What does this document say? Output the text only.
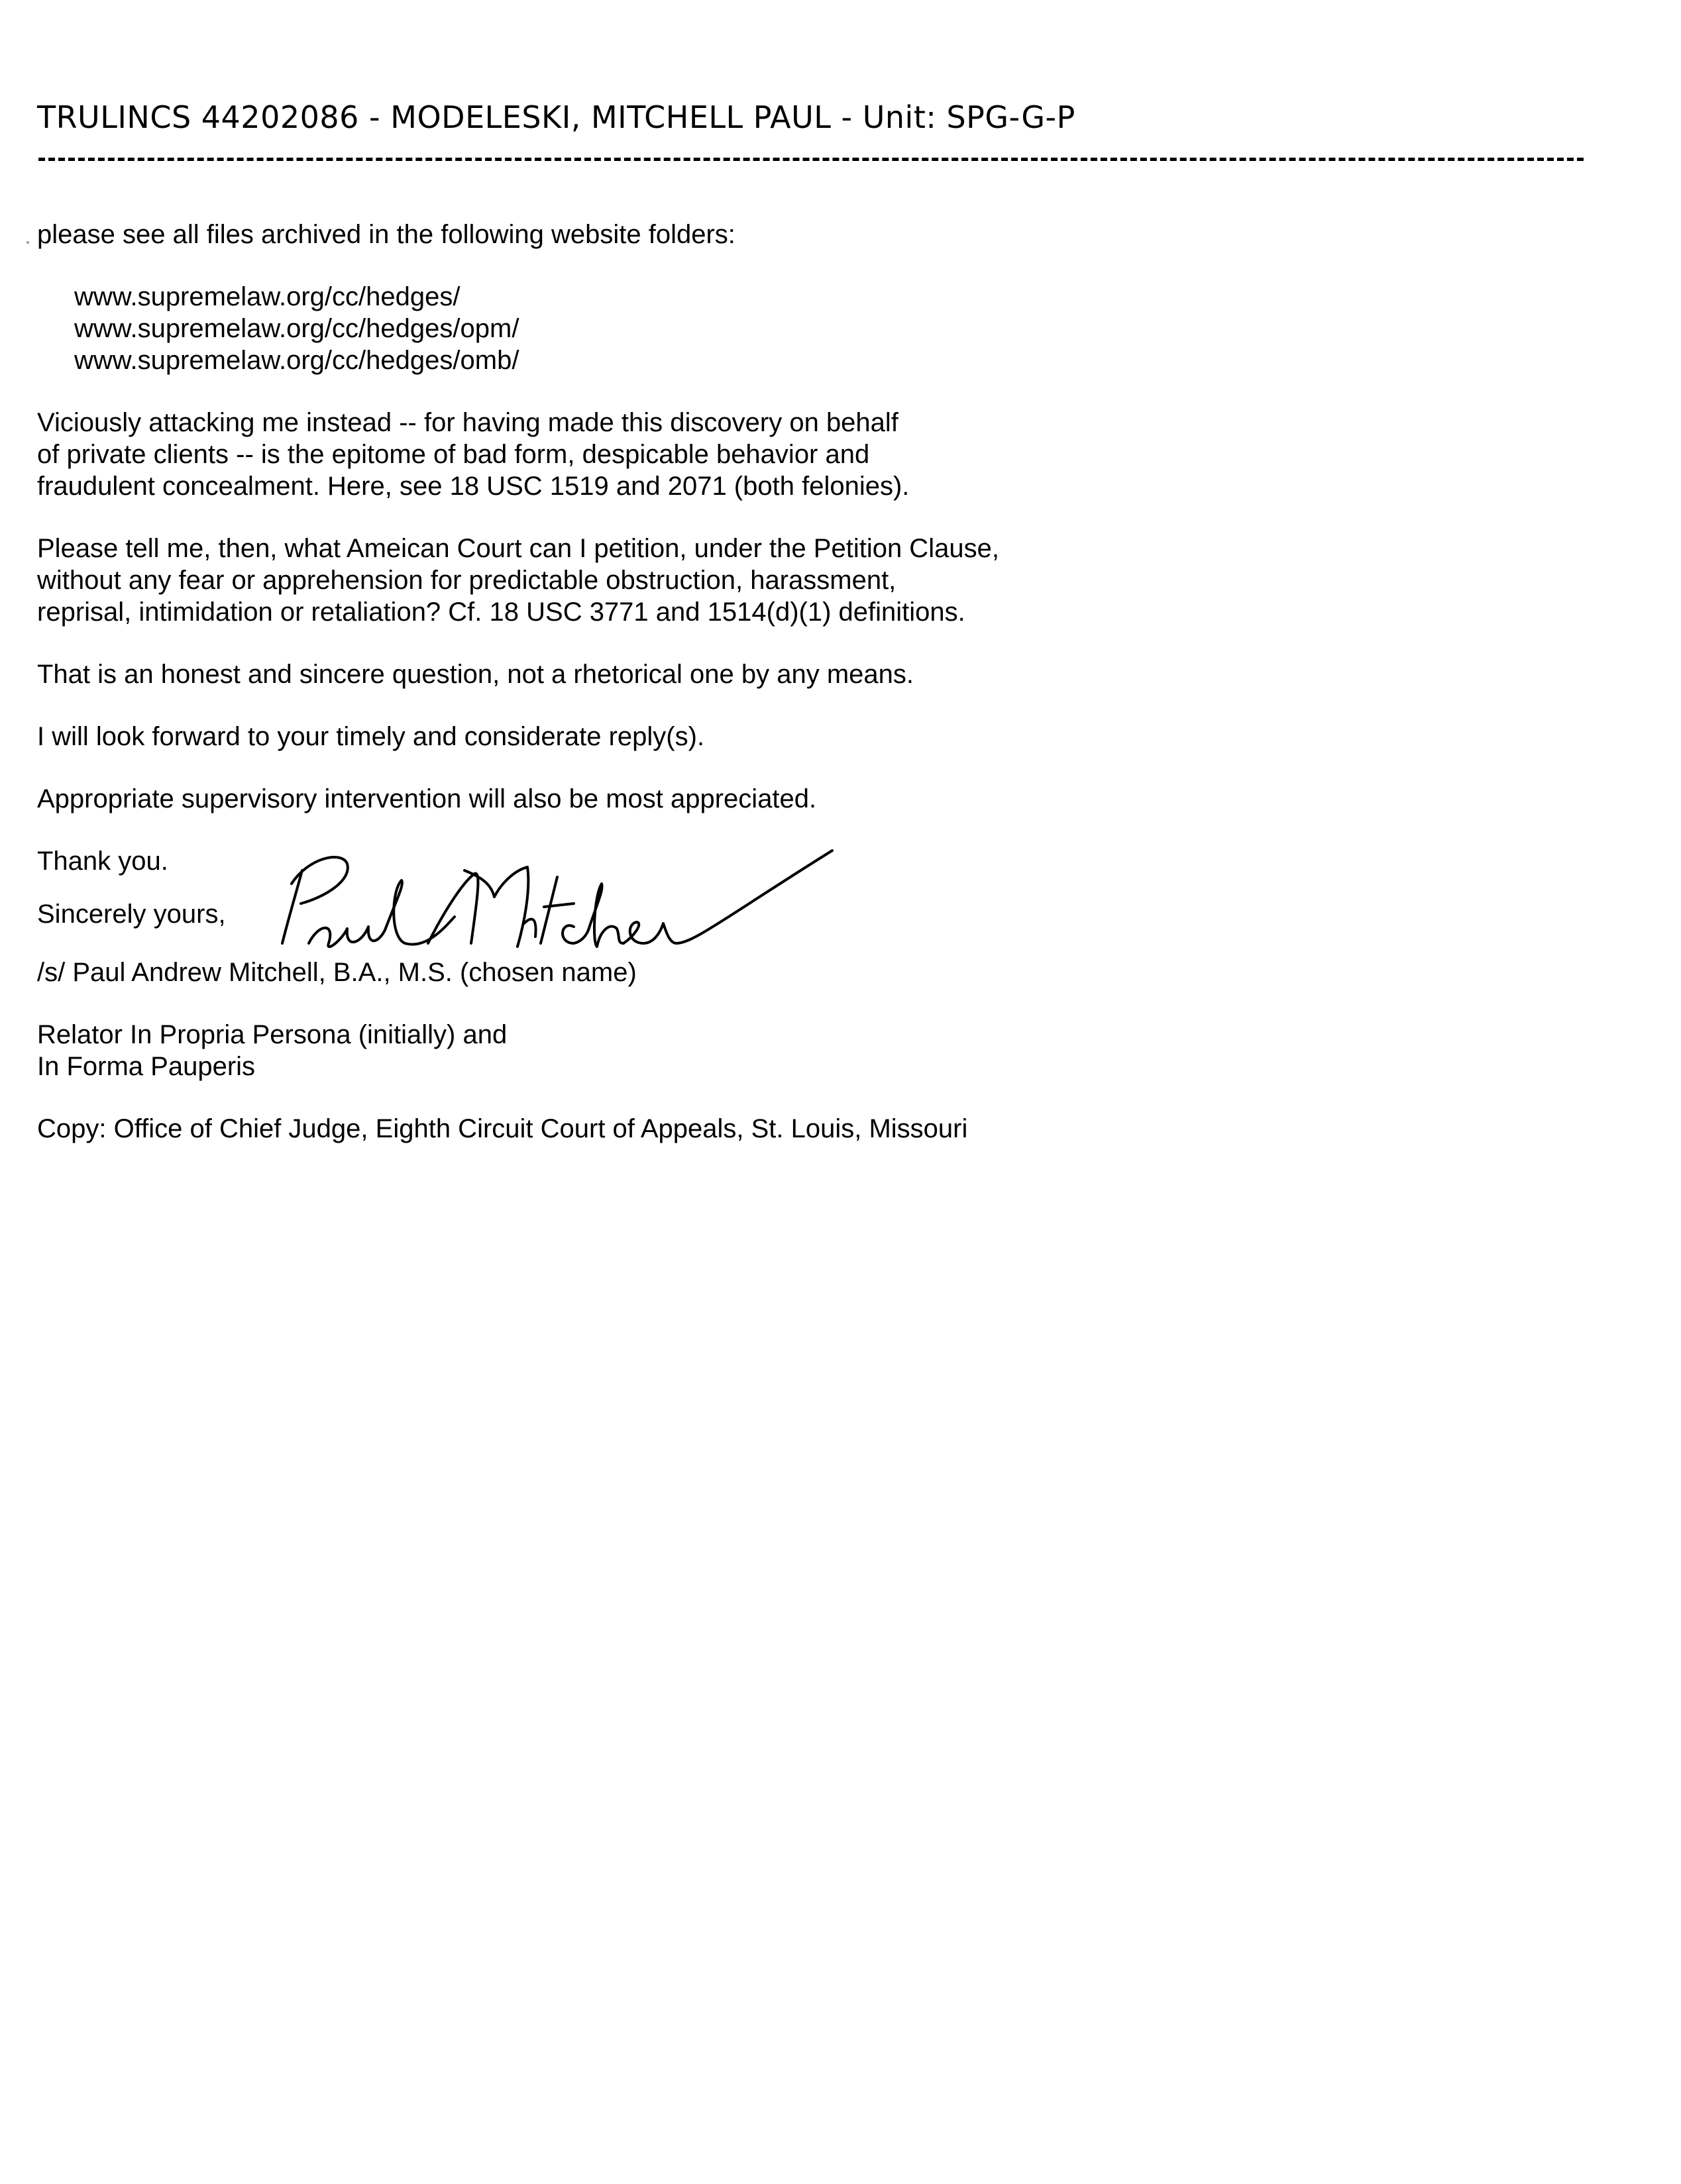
TRULINCS 44202086 - MODELESKI, MITCHELL PAUL - Unit: SPG-G-P

please see all files archived in the following website folders:

www.supremelaw.org/cc/hedges/
www.supremelaw.org/cc/hedges/opm/
www.supremelaw.org/cc/hedges/omb/

Viciously attacking me instead -- for having made this discovery on behalf
of private clients -- is the epitome of bad form, despicable behavior and
fraudulent concealment. Here, see 18 USC 1519 and 2071 (both felonies).

Please tell me, then, what Ameican Court can I petition, under the Petition Clause,
without any fear or apprehension for predictable obstruction, harassment,
reprisal, intimidation or retaliation? Cf. 18 USC 3771 and 1514(d)(1) definitions.

That is an honest and sincere question, not a rhetorical one by any means.

I will look forward to your timely and considerate reply(s).

Appropriate supervisory intervention will also be most appreciated.

Thank you.

Sincerely yours,

/s/ Paul Andrew Mitchell, B.A., M.S. (chosen name)

Relator In Propria Persona (initially) and
In Forma Pauperis

Copy: Office of Chief Judge, Eighth Circuit Court of Appeals, St. Louis, Missouri
